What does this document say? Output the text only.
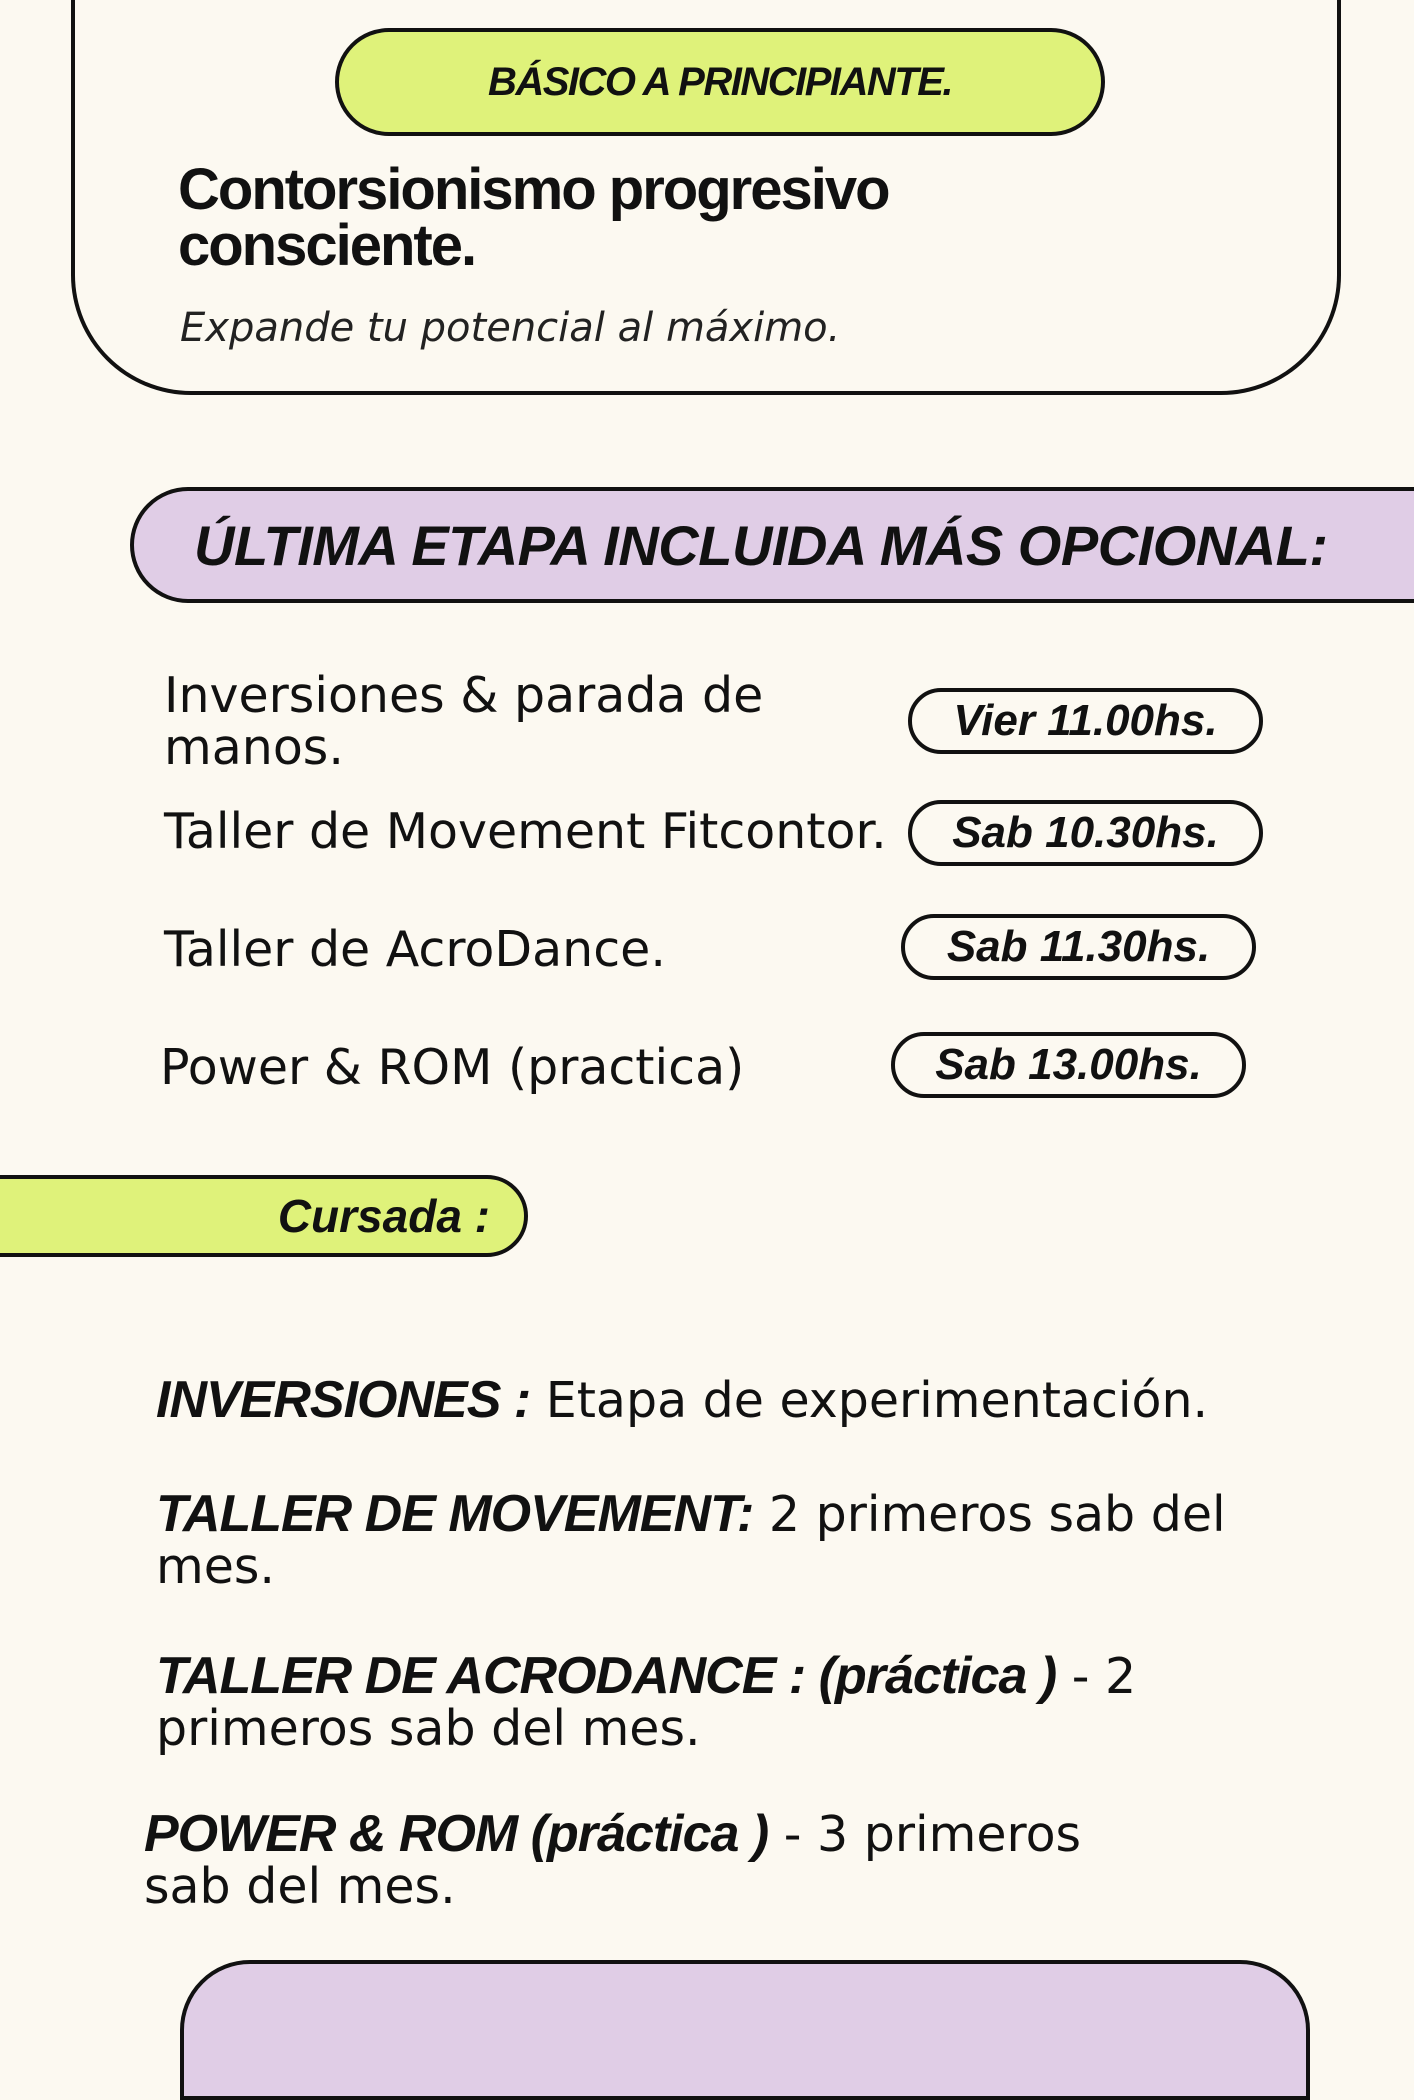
BÁSICO A PRINCIPIANTE.
Contorsionismo progresivo
consciente.
Expande tu potencial al máximo.
ÚLTIMA ETAPA INCLUIDA MÁS OPCIONAL:

Inversiones & parada de
manos.	Vier 11.00hs.

Taller de Movement Fitcontor. Sab 10.30hs.

Taller de AcroDance.	Sab 11.30hs.

Power & ROM (practica)	Sab 13.00hs.
Cursada :

INVERSIONES : Etapa de experimentación.

TALLER DE MOVEMENT: 2 primeros sab del mes.

TALLER DE ACRODANCE : (práctica ) - 2 primeros sab del mes.

POWER & ROM (práctica ) - 3 primeros sab del mes.
